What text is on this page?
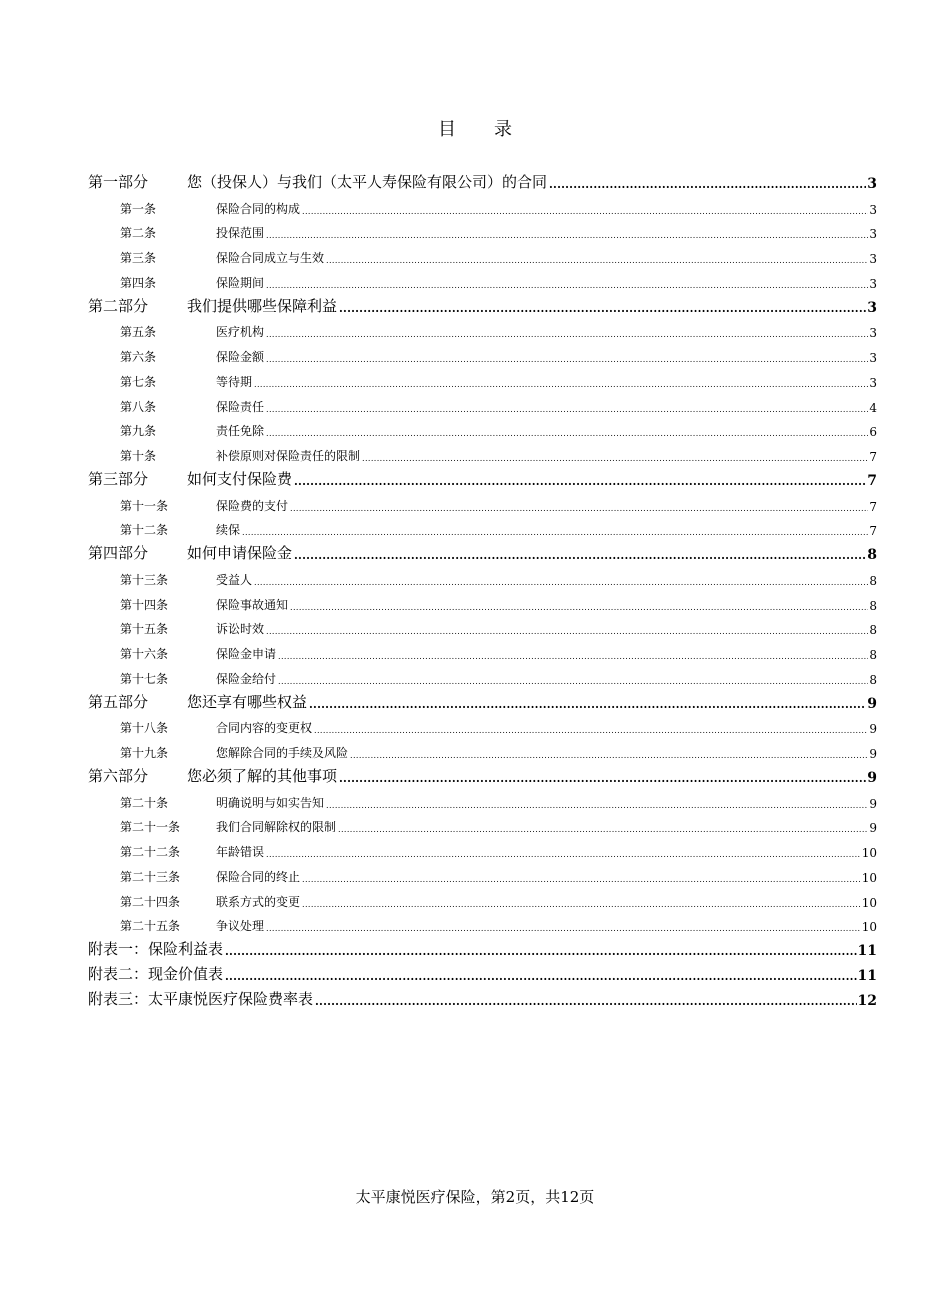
目 录
第一部分	您（投保人）与我们（太平人寿保险有限公司）的合同 .....	3
第一条	保险合同的构成 .....	3
第二条	投保范围 .....	3
第三条	保险合同成立与生效 .....	3
第四条	保险期间 .....	3
第二部分	我们提供哪些保障利益 .....	3
第五条	医疗机构 .....	3
第六条	保险金额 .....	3
第七条	等待期 .....	3
第八条	保险责任 .....	4
第九条	责任免除 .....	6
第十条	补偿原则对保险责任的限制 .....	7
第三部分	如何支付保险费 .....	7
第十一条	保险费的支付 .....	7
第十二条	续保 .....	7
第四部分	如何申请保险金 .....	8
第十三条	受益人 .....	8
第十四条	保险事故通知 .....	8
第十五条	诉讼时效 .....	8
第十六条	保险金申请 .....	8
第十七条	保险金给付 .....	8
第五部分	您还享有哪些权益 .....	9
第十八条	合同内容的变更权 .....	9
第十九条	您解除合同的手续及风险 .....	9
第六部分	您必须了解的其他事项 .....	9
第二十条	明确说明与如实告知 .....	9
第二十一条	我们合同解除权的限制 .....	9
第二十二条	年龄错误 .....	10
第二十三条	保险合同的终止 .....	10
第二十四条	联系方式的变更 .....	10
第二十五条	争议处理 .....	10
附表一：保险利益表 .....	11
附表二：现金价值表 .....	11
附表三：太平康悦医疗保险费率表 .....	12
太平康悦医疗保险，第2页，共12页
